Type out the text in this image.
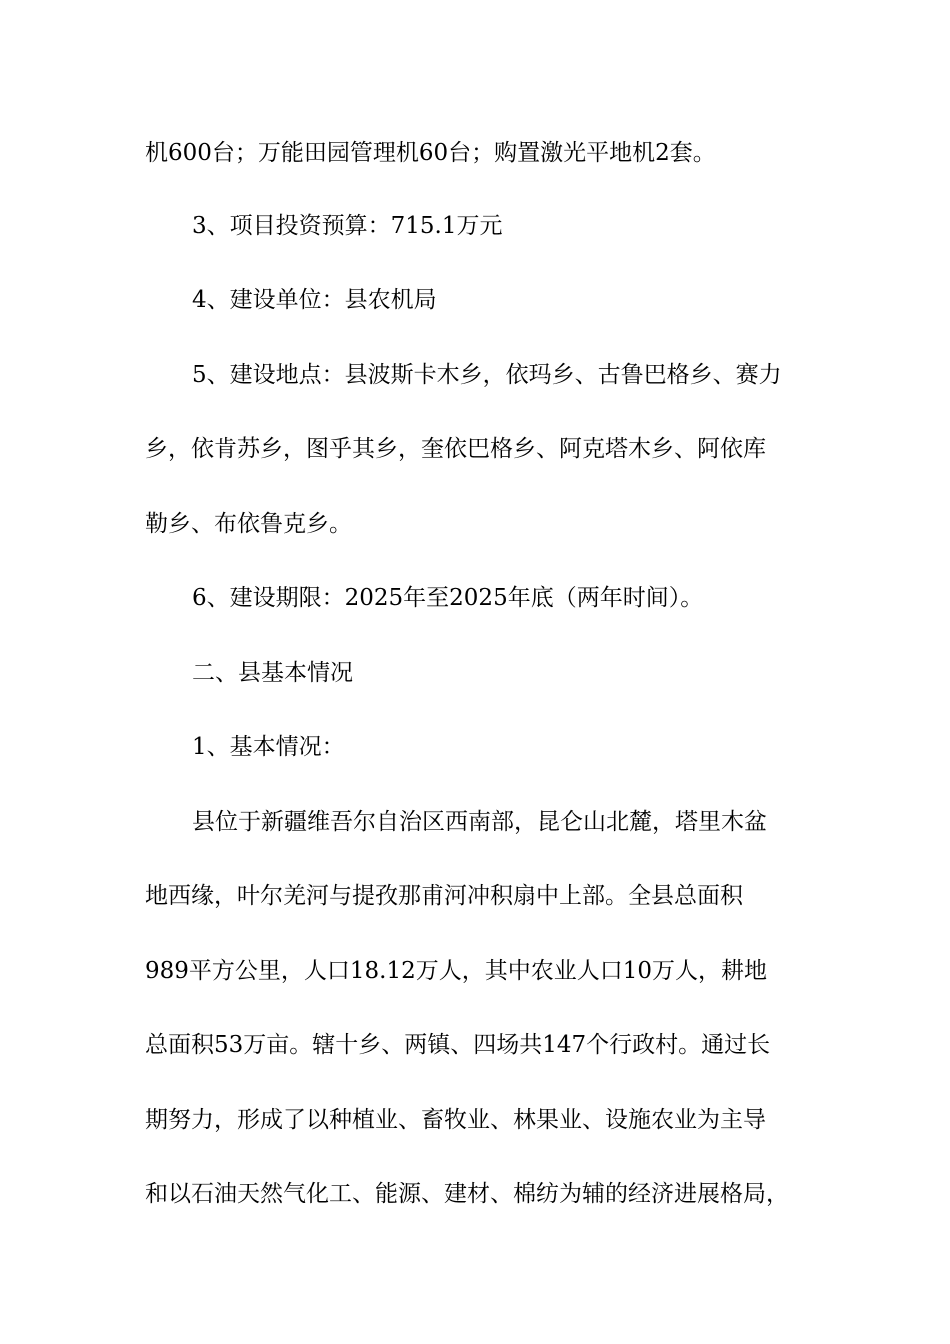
机600台；万能田园管理机60台；购置激光平地机2套。
3、项目投资预算：715.1万元
4、建设单位：县农机局
5、建设地点：县波斯卡木乡，依玛乡、古鲁巴格乡、赛力
乡，依肯苏乡，图乎其乡，奎依巴格乡、阿克塔木乡、阿依库
勒乡、布依鲁克乡。
6、建设期限：2025年至2025年底（两年时间）。
二、县基本情况
1、基本情况：
县位于新疆维吾尔自治区西南部，昆仑山北麓，塔里木盆
地西缘，叶尔羌河与提孜那甫河冲积扇中上部。全县总面积
989平方公里，人口18.12万人，其中农业人口10万人，耕地
总面积53万亩。辖十乡、两镇、四场共147个行政村。通过长
期努力，形成了以种植业、畜牧业、林果业、设施农业为主导
和以石油天然气化工、能源、建材、棉纺为辅的经济进展格局，
